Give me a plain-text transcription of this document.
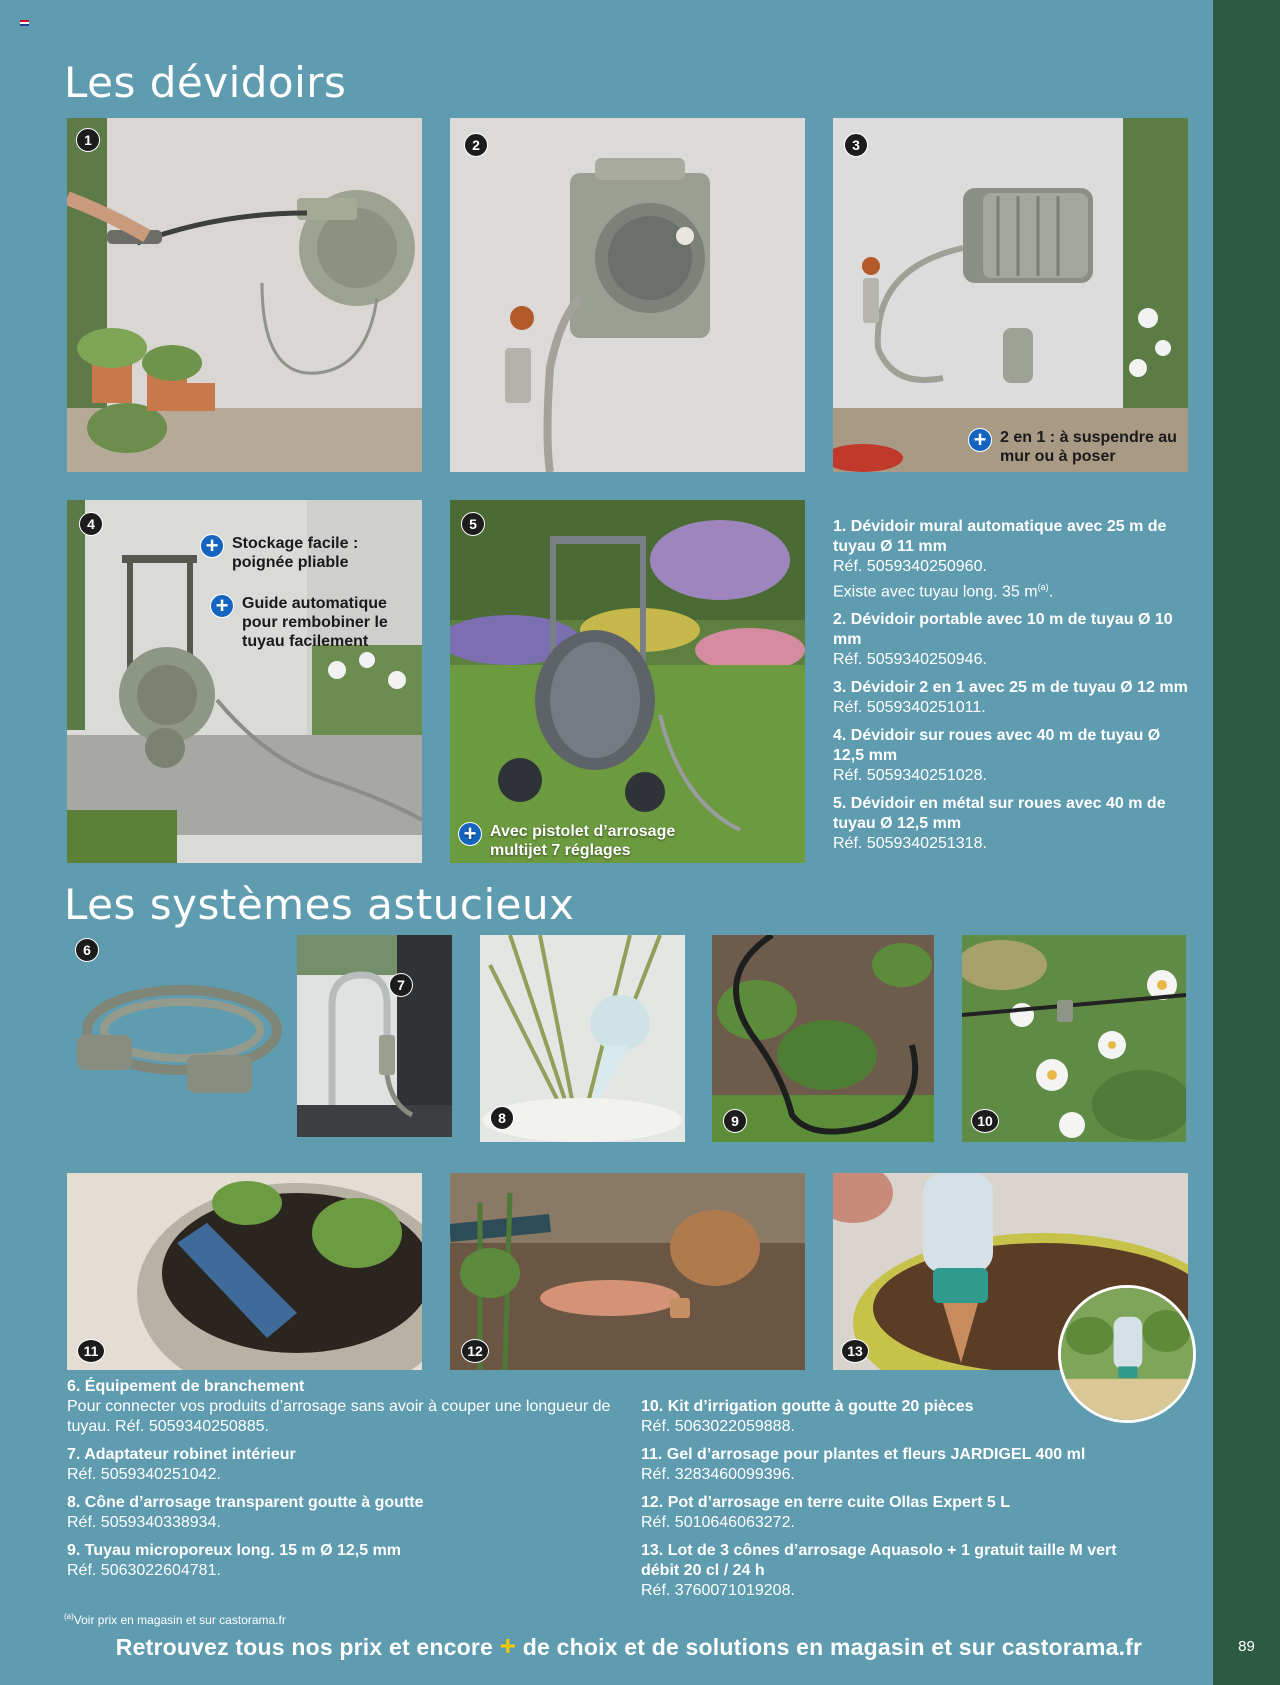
89
Les dévidoirs
+ 2 en 1 : à suspendre au mur ou à poser
+ Stockage facile : poignée pliable
+ Guide automatique pour rembobiner le tuyau facilement
+ Avec pistolet d’arrosage multijet 7 réglages
1. Dévidoir mural automatique avec 25 m de tuyau Ø 11 mm
Réf. 5059340250960.
Existe avec tuyau long. 35 $m^{(a)}$.
2. Dévidoir portable avec 10 m de tuyau Ø 10 mm
Réf. 5059340250946.
3. Dévidoir 2 en 1 avec 25 m de tuyau Ø 12 mm
Réf. 5059340251011.
4. Dévidoir sur roues avec 40 m de tuyau Ø 12,5 mm
Réf. 5059340251028.
5. Dévidoir en métal sur roues avec 40 m de tuyau Ø 12,5 mm
Réf. 5059340251318.
Les systèmes astucieux
1	2	3
4	5
6
7
8	9	10
11	12	13
6. Équipement de branchement
Pour connecter vos produits d’arrosage sans avoir à couper une longueur de tuyau. Réf. 5059340250885.
7. Adaptateur robinet intérieur
Réf. 5059340251042.
8. Cône d’arrosage transparent goutte à goutte
Réf. 5059340338934.
9. Tuyau microporeux long. 15 m Ø 12,5 mm
Réf. 5063022604781.
10. Kit d’irrigation goutte à goutte 20 pièces
Réf. 5063022059888.
11. Gel d’arrosage pour plantes et fleurs JARDIGEL 400 ml
Réf. 3283460099396.
12. Pot d’arrosage en terre cuite Ollas Expert 5 L
Réf. 5010646063272.
13. Lot de 3 cônes d’arrosage Aquasolo + 1 gratuit taille M vert débit 20 cl / 24 h
Réf. 3760071019208.
$^{(a)}$Voir prix en magasin et sur castorama.fr
Retrouvez tous nos prix et encore + de choix et de solutions en magasin et sur castorama.fr
